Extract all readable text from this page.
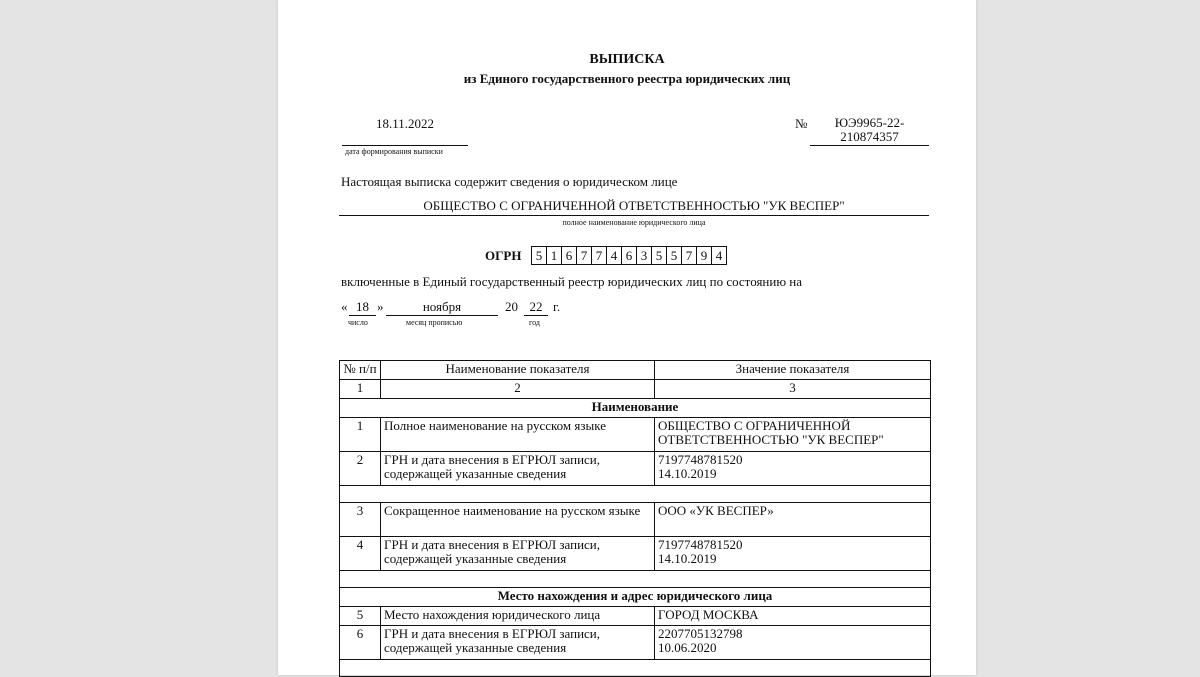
ВЫПИСКА
из Единого государственного реестра юридических лиц
18.11.2022
дата формирования выписки
№	ЮЭ9965-22-
210874357
Настоящая выписка содержит сведения о юридическом лице
ОБЩЕСТВО С ОГРАНИЧЕННОЙ ОТВЕТСТВЕННОСТЬЮ "УК ВЕСПЕР"
полное наименование юридического лица
ОГРН	5 1 6 7 7 4 6 3 5 5 7 9 4
включенные в Единый государственный реестр юридических лиц по состоянию на
« 18 »	ноября	20 22 г.
число	месяц прописью	год
№ п/п	Наименование показателя	Значение показателя
1	2	3
Наименование		
1	Полное наименование на русском языке	ОБЩЕСТВО С ОГРАНИЧЕННОЙ ОТВЕТСТВЕННОСТЬЮ "УК ВЕСПЕР"
2	ГРН и дата внесения в ЕГРЮЛ записи, содержащей указанные сведения	7197748781520
14.10.2019

3	Сокращенное наименование на русском языке	ООО «УК ВЕСПЕР»
4	ГРН и дата внесения в ЕГРЮЛ записи, содержащей указанные сведения	7197748781520
14.10.2019

Место нахождения и адрес юридического лица		
5	Место нахождения юридического лица	ГОРОД МОСКВА
6	ГРН и дата внесения в ЕГРЮЛ записи, содержащей указанные сведения	2207705132798
10.06.2020
